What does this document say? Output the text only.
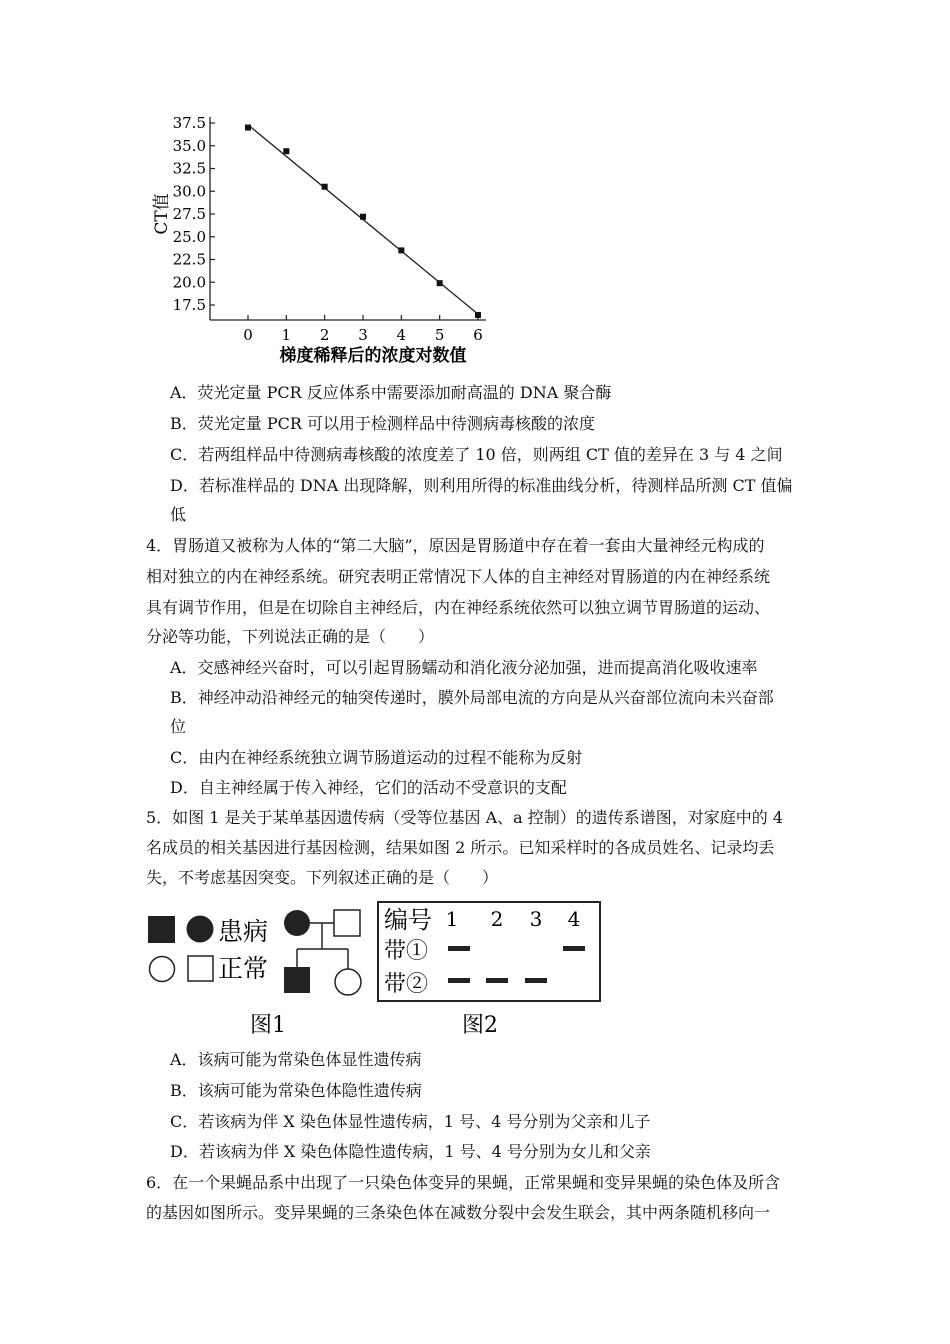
37.5
35.0
32.5
30.0
27.5
25.0
22.5
20.0
17.5
0 1 2 3 4 5 6
CT值
梯度稀释后的浓度对数值
A．荧光定量 PCR 反应体系中需要添加耐高温的 DNA 聚合酶
B．荧光定量 PCR 可以用于检测样品中待测病毒核酸的浓度
C．若两组样品中待测病毒核酸的浓度差了 10 倍，则两组 CT 值的差异在 3 与 4 之间
D．若标准样品的 DNA 出现降解，则利用所得的标准曲线分析，待测样品所测 CT 值偏
低
4．胃肠道又被称为人体的“第二大脑”，原因是胃肠道中存在着一套由大量神经元构成的
相对独立的内在神经系统。研究表明正常情况下人体的自主神经对胃肠道的内在神经系统
具有调节作用，但是在切除自主神经后，内在神经系统依然可以独立调节胃肠道的运动、
分泌等功能，下列说法正确的是（　　）
A．交感神经兴奋时，可以引起胃肠蠕动和消化液分泌加强，进而提高消化吸收速率
B．神经冲动沿神经元的轴突传递时，膜外局部电流的方向是从兴奋部位流向未兴奋部
位
C．由内在神经系统独立调节肠道运动的过程不能称为反射
D．自主神经属于传入神经，它们的活动不受意识的支配
5．如图 1 是关于某单基因遗传病（受等位基因 A、a 控制）的遗传系谱图，对家庭中的 4
名成员的相关基因进行基因检测，结果如图 2 所示。已知采样时的各成员姓名、记录均丢
失，不考虑基因突变。下列叙述正确的是（　　）
患病
正常
图1
编号 1 2 3 4
带①
带②
图2
A．该病可能为常染色体显性遗传病
B．该病可能为常染色体隐性遗传病
C．若该病为伴 X 染色体显性遗传病，1 号、4 号分别为父亲和儿子
D．若该病为伴 X 染色体隐性遗传病，1 号、4 号分别为女儿和父亲
6．在一个果蝇品系中出现了一只染色体变异的果蝇，正常果蝇和变异果蝇的染色体及所含
的基因如图所示。变异果蝇的三条染色体在减数分裂中会发生联会，其中两条随机移向一
